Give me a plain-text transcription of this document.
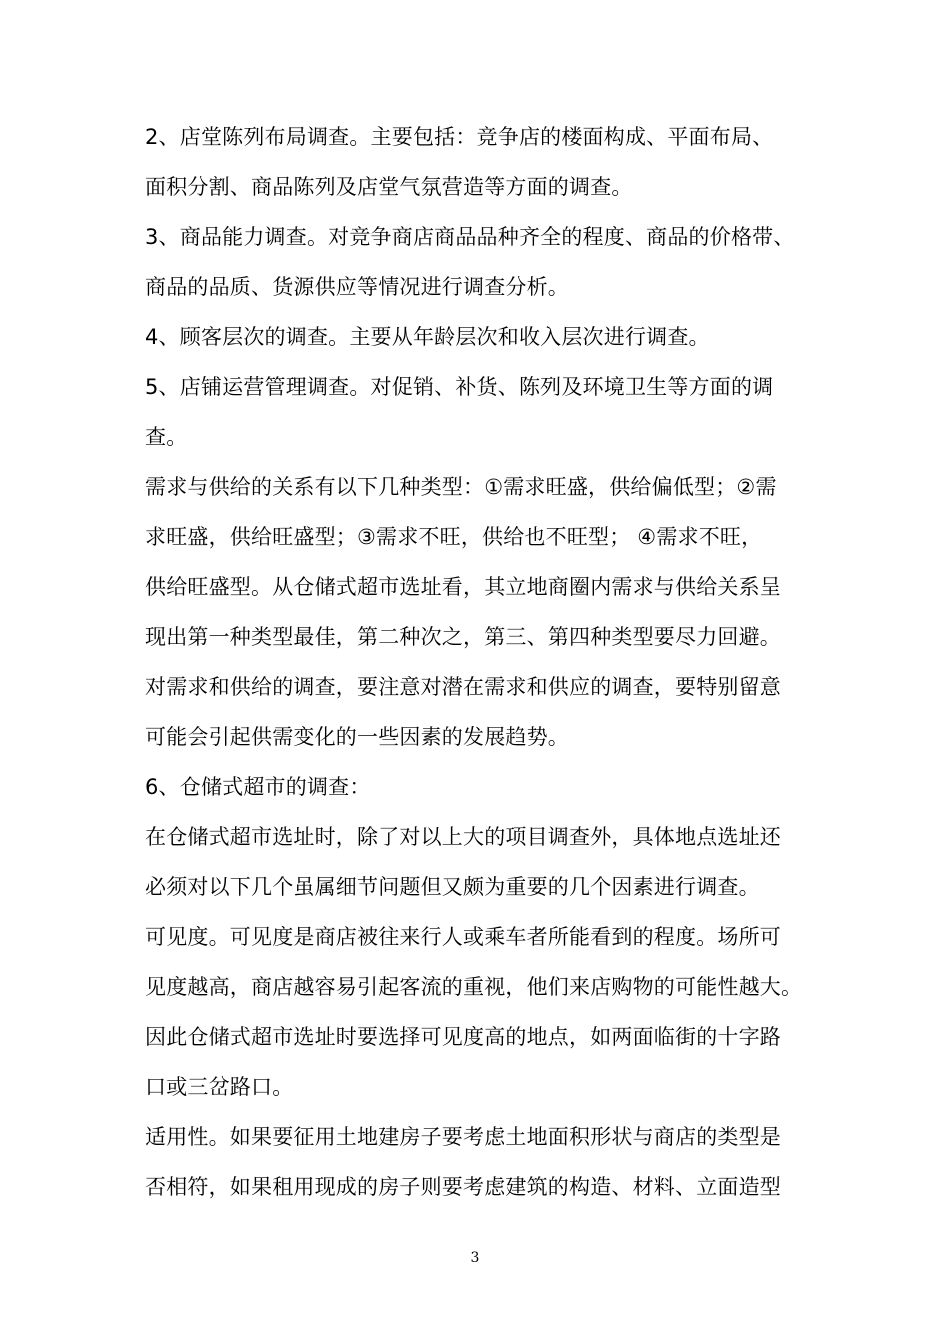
2、店堂陈列布局调查。主要包括：竞争店的楼面构成、平面布局、
面积分割、商品陈列及店堂气氛营造等方面的调查。
3、商品能力调查。对竞争商店商品品种齐全的程度、商品的价格带、
商品的品质、货源供应等情况进行调查分析。
4、顾客层次的调查。主要从年龄层次和收入层次进行调查。
5、店铺运营管理调查。对促销、补货、陈列及环境卫生等方面的调
查。
需求与供给的关系有以下几种类型：①需求旺盛，供给偏低型；②需
求旺盛，供给旺盛型；③需求不旺，供给也不旺型； ④需求不旺，
供给旺盛型。从仓储式超市选址看，其立地商圈内需求与供给关系呈
现出第一种类型最佳，第二种次之，第三、第四种类型要尽力回避。
对需求和供给的调查，要注意对潜在需求和供应的调查，要特别留意
可能会引起供需变化的一些因素的发展趋势。
6、仓储式超市的调查：
在仓储式超市选址时，除了对以上大的项目调查外，具体地点选址还
必须对以下几个虽属细节问题但又颇为重要的几个因素进行调查。
可见度。可见度是商店被往来行人或乘车者所能看到的程度。场所可
见度越高，商店越容易引起客流的重视，他们来店购物的可能性越大。
因此仓储式超市选址时要选择可见度高的地点，如两面临街的十字路
口或三岔路口。
适用性。如果要征用土地建房子要考虑土地面积形状与商店的类型是
否相符，如果租用现成的房子则要考虑建筑的构造、材料、立面造型
3
